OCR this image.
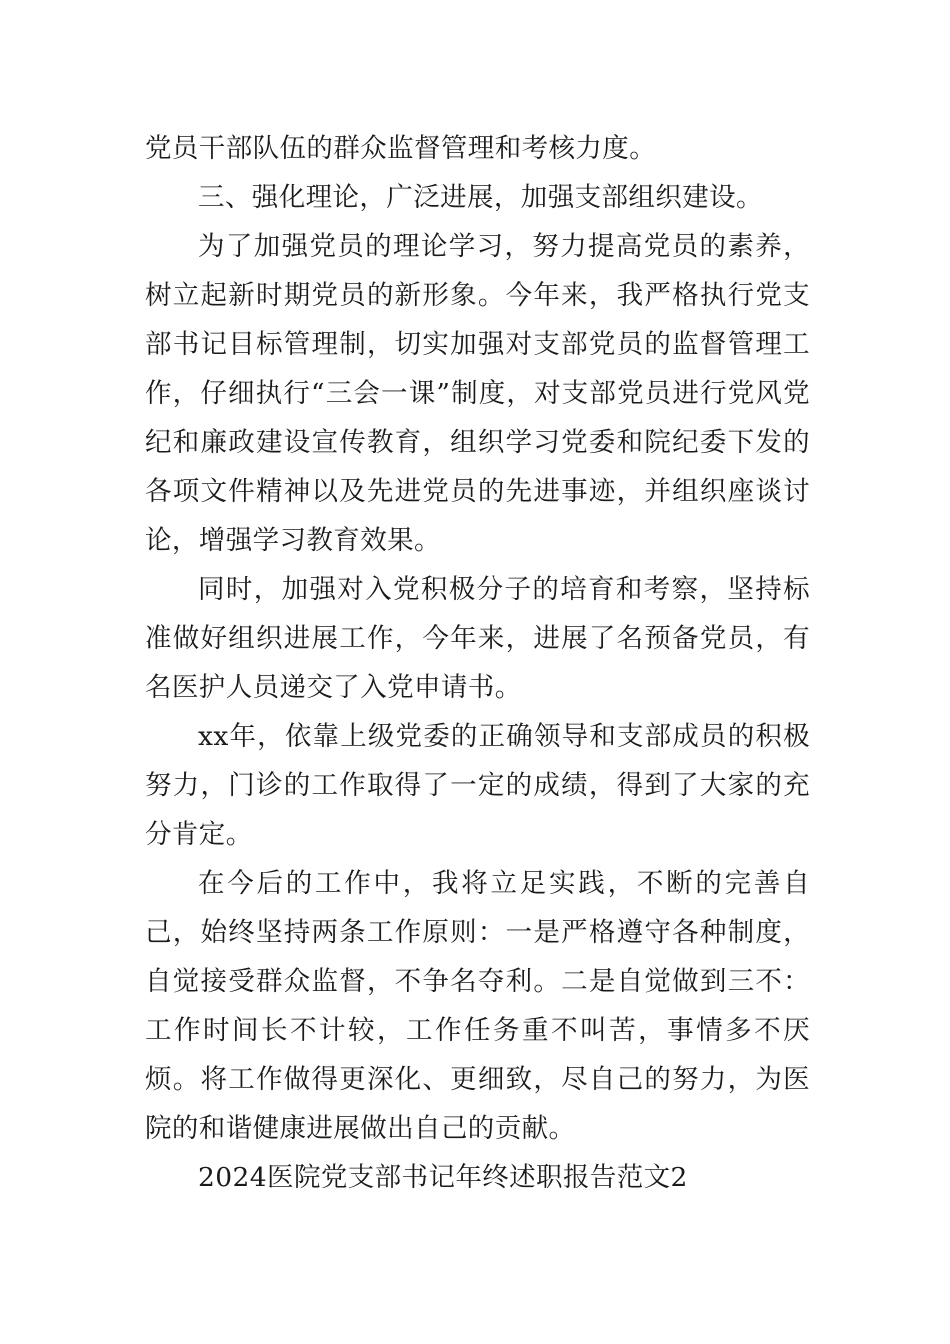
党员干部队伍的群众监督管理和考核力度。

三、强化理论，广泛进展，加强支部组织建设。

为了加强党员的理论学习，努力提高党员的素养，树立起新时期党员的新形象。今年来，我严格执行党支部书记目标管理制，切实加强对支部党员的监督管理工作，仔细执行“三会一课”制度，对支部党员进行党风党纪和廉政建设宣传教育，组织学习党委和院纪委下发的各项文件精神以及先进党员的先进事迹，并组织座谈讨论，增强学习教育效果。

同时，加强对入党积极分子的培育和考察，坚持标准做好组织进展工作，今年来，进展了名预备党员，有名医护人员递交了入党申请书。

xx年，依靠上级党委的正确领导和支部成员的积极努力，门诊的工作取得了一定的成绩，得到了大家的充分肯定。

在今后的工作中，我将立足实践，不断的完善自己，始终坚持两条工作原则：一是严格遵守各种制度，自觉接受群众监督，不争名夺利。二是自觉做到三不：工作时间长不计较，工作任务重不叫苦，事情多不厌烦。将工作做得更深化、更细致，尽自己的努力，为医院的和谐健康进展做出自己的贡献。

2024医院党支部书记年终述职报告范文2
